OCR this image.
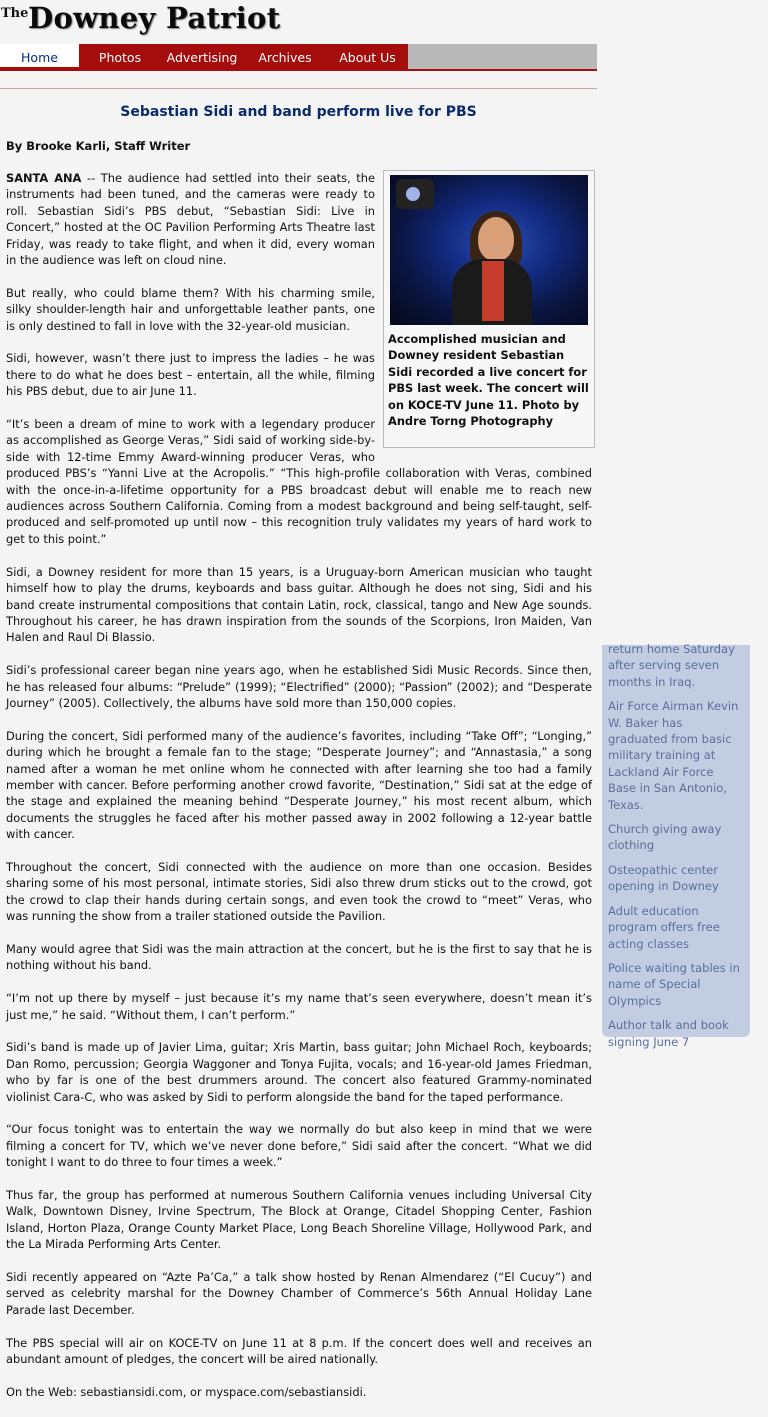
The Downey Patriot
Home	Photos	Advertising	Archives	About Us
Sebastian Sidi and band perform live for PBS
By Brooke Karli, Staff Writer
Accomplished musician and Downey resident Sebastian Sidi recorded a live concert for PBS last week. The concert will on KOCE-TV June 11. Photo by Andre Torng Photography

SANTA ANA -- The audience had settled into their seats, the instruments had been tuned, and the cameras were ready to roll. Sebastian Sidi’s PBS debut, “Sebastian Sidi: Live in Concert,” hosted at the OC Pavilion Performing Arts Theatre last Friday, was ready to take flight, and when it did, every woman in the audience was left on cloud nine.

But really, who could blame them? With his charming smile, silky shoulder-length hair and unforgettable leather pants, one is only destined to fall in love with the 32-year-old musician.

Sidi, however, wasn’t there just to impress the ladies – he was there to do what he does best – entertain, all the while, filming his PBS debut, due to air June 11.

“It’s been a dream of mine to work with a legendary producer as accomplished as George Veras,” Sidi said of working side-by-side with 12-time Emmy Award-winning producer Veras, who produced PBS’s “Yanni Live at the Acropolis.” “This high-profile collaboration with Veras, combined with the once-in-a-lifetime opportunity for a PBS broadcast debut will enable me to reach new audiences across Southern California. Coming from a modest background and being self-taught, self-produced and self-promoted up until now – this recognition truly validates my years of hard work to get to this point.”

Sidi, a Downey resident for more than 15 years, is a Uruguay-born American musician who taught himself how to play the drums, keyboards and bass guitar. Although he does not sing, Sidi and his band create instrumental compositions that contain Latin, rock, classical, tango and New Age sounds. Throughout his career, he has drawn inspiration from the sounds of the Scorpions, Iron Maiden, Van Halen and Raul Di Blassio.

Sidi’s professional career began nine years ago, when he established Sidi Music Records. Since then, he has released four albums: “Prelude” (1999); “Electrified” (2000); “Passion” (2002); and “Desperate Journey” (2005). Collectively, the albums have sold more than 150,000 copies.

During the concert, Sidi performed many of the audience’s favorites, including “Take Off”; “Longing,” during which he brought a female fan to the stage; “Desperate Journey”; and “Annastasia,” a song named after a woman he met online whom he connected with after learning she too had a family member with cancer. Before performing another crowd favorite, “Destination,” Sidi sat at the edge of the stage and explained the meaning behind “Desperate Journey,” his most recent album, which documents the struggles he faced after his mother passed away in 2002 following a 12-year battle with cancer.

Throughout the concert, Sidi connected with the audience on more than one occasion. Besides sharing some of his most personal, intimate stories, Sidi also threw drum sticks out to the crowd, got the crowd to clap their hands during certain songs, and even took the crowd to “meet” Veras, who was running the show from a trailer stationed outside the Pavilion.

Many would agree that Sidi was the main attraction at the concert, but he is the first to say that he is nothing without his band.

“I’m not up there by myself – just because it’s my name that’s seen everywhere, doesn’t mean it’s just me,” he said. “Without them, I can’t perform.”

Sidi’s band is made up of Javier Lima, guitar; Xris Martin, bass guitar; John Michael Roch, keyboards; Dan Romo, percussion; Georgia Waggoner and Tonya Fujita, vocals; and 16-year-old James Friedman, who by far is one of the best drummers around. The concert also featured Grammy-nominated violinist Cara-C, who was asked by Sidi to perform alongside the band for the taped performance.

“Our focus tonight was to entertain the way we normally do but also keep in mind that we were filming a concert for TV, which we’ve never done before,” Sidi said after the concert. “What we did tonight I want to do three to four times a week.”

Thus far, the group has performed at numerous Southern California venues including Universal City Walk, Downtown Disney, Irvine Spectrum, The Block at Orange, Citadel Shopping Center, Fashion Island, Horton Plaza, Orange County Market Place, Long Beach Shoreline Village, Hollywood Park, and the La Mirada Performing Arts Center.

Sidi recently appeared on “Azte Pa’Ca,” a talk show hosted by Renan Almendarez (“El Cucuy”) and served as celebrity marshal for the Downey Chamber of Commerce’s 56th Annual Holiday Lane Parade last December.

The PBS special will air on KOCE-TV on June 11 at 8 p.m. If the concert does well and receives an abundant amount of pledges, the concert will be aired nationally.

On the Web: sebastiansidi.com, or myspace.com/sebastiansidi.

return home Saturday after serving seven months in Iraq.
Air Force Airman Kevin W. Baker has graduated from basic military training at Lackland Air Force Base in San Antonio, Texas.
Church giving away clothing
Osteopathic center opening in Downey
Adult education program offers free acting classes
Police waiting tables in name of Special Olympics
Author talk and book signing June 7
